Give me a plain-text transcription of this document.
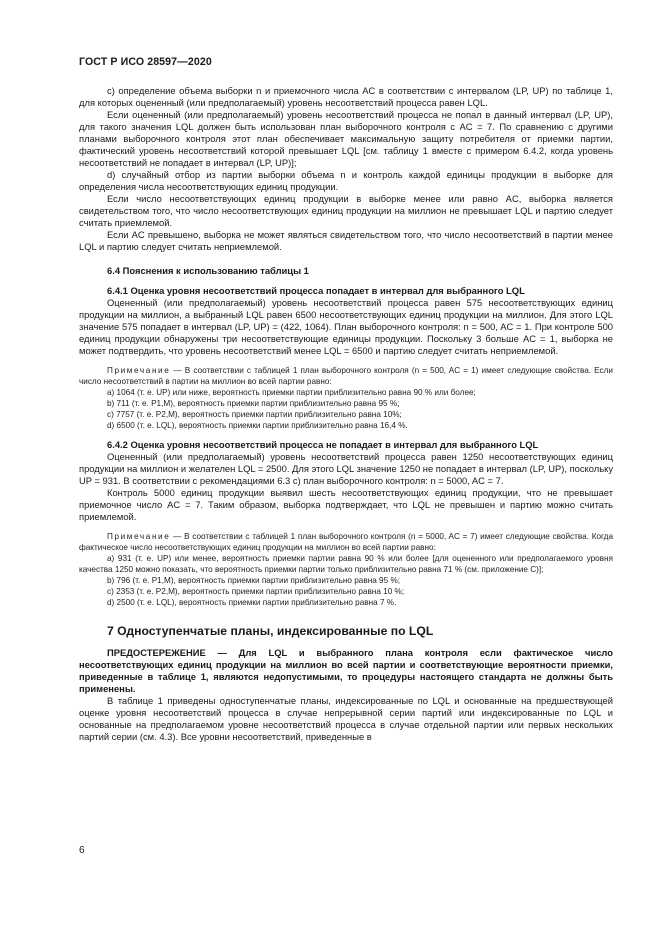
ГОСТ Р ИСО 28597—2020

c) определение объема выборки n и приемочного числа AC в соответствии с интервалом (LP, UP) по таблице 1, для которых оцененный (или предполагаемый) уровень несоответствий процесса равен LQL.

Если оцененный (или предполагаемый) уровень несоответствий процесса не попал в данный интервал (LP, UP), для такого значения LQL должен быть использован план выборочного контроля с AC = 7. По сравнению с другими планами выборочного контроля этот план обеспечивает максимальную защиту потребителя от приемки партии, фактический уровень несоответствий которой превышает LQL [см. таблицу 1 вместе с примером 6.4.2, когда уровень несоответствий не попадает в интервал (LP, UP)];

d) случайный отбор из партии выборки объема n и контроль каждой единицы продукции в выборке для определения числа несоответствующих единиц продукции.

Если число несоответствующих единиц продукции в выборке менее или равно AC, выборка является свидетельством того, что число несоответствующих единиц продукции на миллион не превышает LQL и партию следует считать приемлемой.

Если AC превышено, выборка не может являться свидетельством того, что число несоответствий в партии менее LQL и партию следует считать неприемлемой.

6.4 Пояснения к использованию таблицы 1

6.4.1 Оценка уровня несоответствий процесса попадает в интервал для выбранного LQL

Оцененный (или предполагаемый) уровень несоответствий процесса равен 575 несоответствующих единиц продукции на миллион, а выбранный LQL равен 6500 несоответствующих единиц продукции на миллион. Для этого LQL значение 575 попадает в интервал (LP, UP) = (422, 1064). План выборочного контроля: n = 500, AC = 1. При контроле 500 единиц продукции обнаружены три несоответствующие единицы продукции. Поскольку 3 больше AC = 1, выборка не может подтвердить, что уровень несоответствий менее LQL = 6500 и партию следует считать неприемлемой.

Примечание — В соответствии с таблицей 1 план выборочного контроля (n = 500, AC = 1) имеет следующие свойства. Если число несоответствий в партии на миллион во всей партии равно:

a) 1064 (т. е. UP) или ниже, вероятность приемки партии приблизительно равна 90 % или более;

b) 711 (т. е. P1,M), вероятность приемки партии приблизительно равна 95 %;

c) 7757 (т. е. P2,M), вероятность приемки партии приблизительно равна 10%;

d) 6500 (т. е. LQL), вероятность приемки партии приблизительно равна 16,4 %.

6.4.2 Оценка уровня несоответствий процесса не попадает в интервал для выбранного LQL

Оцененный (или предполагаемый) уровень несоответствий процесса равен 1250 несоответствующих единиц продукции на миллион и желателен LQL = 2500. Для этого LQL значение 1250 не попадает в интервал (LP, UP), поскольку UP = 931. В соответствии с рекомендациями 6.3 c) план выборочного контроля: n = 5000, AC = 7.

Контроль 5000 единиц продукции выявил шесть несоответствующих единиц продукции, что не превышает приемочное число AC = 7. Таким образом, выборка подтверждает, что LQL не превышен и партию можно считать приемлемой.

Примечание — В соответствии с таблицей 1 план выборочного контроля (n = 5000, AC = 7) имеет следующие свойства. Когда фактическое число несоответствующих единиц продукции на миллион во всей партии равно:

a) 931 (т. е. UP) или менее, вероятность приемки партии равна 90 % или более [для оцененного или предполагаемого уровня качества 1250 можно показать, что вероятность приемки партии только приблизительно равна 71 % (см. приложение C)];

b) 796 (т. е. P1,M), вероятность приемки партии приблизительно равна 95 %;

c) 2353 (т. е. P2,M), вероятность приемки партии приблизительно равна 10 %;

d) 2500 (т. е. LQL), вероятность приемки партии приблизительно равна 7 %.

7 Одноступенчатые планы, индексированные по LQL

ПРЕДОСТЕРЕЖЕНИЕ — Для LQL и выбранного плана контроля если фактическое число несоответствующих единиц продукции на миллион во всей партии и соответствующие вероятности приемки, приведенные в таблице 1, являются недопустимыми, то процедуры настоящего стандарта не должны быть применены.

В таблице 1 приведены одноступенчатые планы, индексированные по LQL и основанные на предшествующей оценке уровня несоответствий процесса в случае непрерывной серии партий или индексированные по LQL и основанные на предполагаемом уровне несоответствий процесса в случае отдельной партии или первых нескольких партий серии (см. 4.3). Все уровни несоответствий, приведенные в

6
